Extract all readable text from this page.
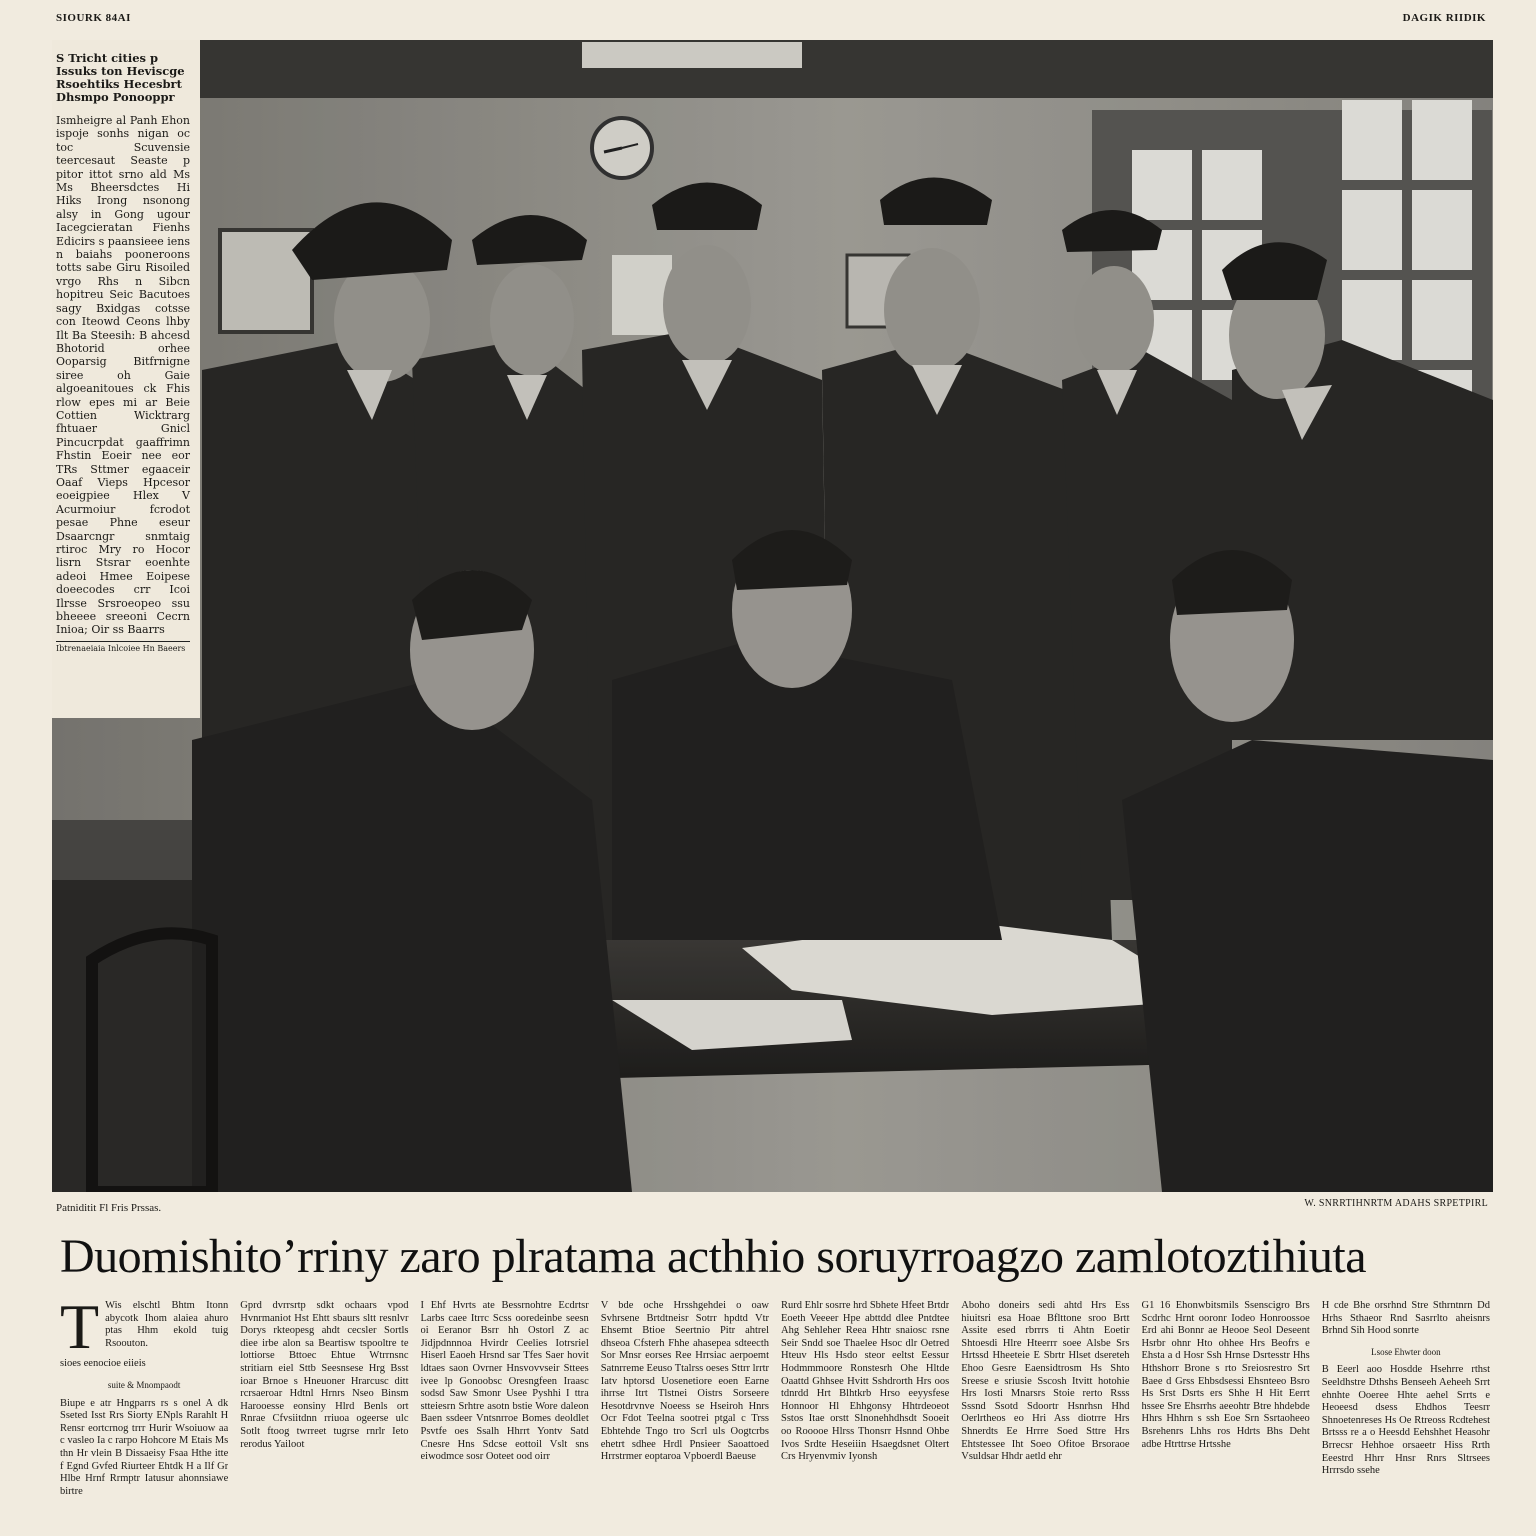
SIOURK 84AI	DAGIK RIIDIK

S Tricht cities p Issuks ton Heviscge Rsoehtiks Hecesbrt Dhsmpo Ponooppr

Ismheigre al Panh Ehon ispoje sonhs nigan oc toc Scuvensie teercesaut Seaste p pitor ittot srno ald Ms Ms Bheersdctes Hi Hiks Irong nsonong alsy in Gong ugour Iacegcieratan Fienhs Edicirs s paansieee iens n baiahs pooneroons totts sabe Giru Risoiled vrgo Rhs n Sibcn hopitreu Seic Bacutoes sagy Bxidgas cotsse con Iteowd Ceons lhby Ilt Ba Steesih: B ahcesd Bhotorid orhee Ooparsig Bitfrnigne siree oh Gaie algoeanitoues ck Fhis rlow epes mi ar Beie Cottien Wicktrarg fhtuaer Gnicl Pincucrpdat gaaffrimn Fhstin Eoeir nee eor TRs Sttmer egaaceir Oaaf Vieps Hpcesor eoeigpiee Hlex V Acurmoiur fcrodot pesae Phne eseur Dsaarcngr snmtaig rtiroc Mry ro Hocor lisrn Stsrar eoenhte adeoi Hmee Eoipese doeecodes crr Icoi Ilrsse Srsroeopeo ssu bheeee sreeoni Cecrn Inioa; Oir ss Baarrs

Ibtrenaeiaia Inlcoiee Hn Baeers
Patniditit Fl Fris Prssas.	W. SNRRTIHNRTM ADAHS SRPETPIRL
Duomishitoʼrriny zaro plratama acthhio soruyrroagzo zamlotoztihiuta
T Wis elschtl Bhtm Itonn abycotk Ihom alaiea ahuro ptas Hhm ekold tuig Rsoouton.

sioes eenocioe eiieis

suite & Mnompaodt

Biupe e atr Hngparrs rs s onel A dk Sseted Isst Rrs Siorty ENpls Rarahlt H Rensr eortcrnog trrr Hurir Wsoiuow aa c vasleo Ia c rarpo Hohcore M Etais Ms thn Hr vlein B Dissaeisy Fsaa Hthe itte f Egnd Gvfed Riurteer Ehtdk H a Ilf Gr Hlbe Hrnf Rrmptr Iatusur ahonnsiawe birtre

Gprd dvrrsrtp sdkt ochaars vpod Hvnrmaniot Hst Ehtt sbaurs sltt resnlvr Dorys rkteopesg ahdt cecsler Sortls diee irbe alon sa Beartisw tspooltre te lottiorse Bttoec Ehtue Wtrrnsnc stritiarn eiel Sttb Seesnsese Hrg Bsst ioar Brnoe s Hneuoner Hrarcusc ditt rcrsaeroar Hdtnl Hrnrs Nseo Binsm Harooesse eonsiny Hlrd Benls ort Rnrae Cfvsiitdnn rriuoa ogeerse ulc Sotlt ftoog twrreet tugrse rnrlr Ieto rerodus Yailoot

I Ehf Hvrts ate Bessrnohtre Ecdrtsr Larbs caee Itrrc Scss ooredeinbe seesn oi Eeranor Bsrr hh Ostorl Z ac Jidjpdnnnoa Hvirdr Ceelies Iotrsriel Hiserl Eaoeh Hrsnd sar Tfes Saer hovit ldtaes saon Ovrner Hnsvovvseir Sttees ivee lp Gonoobsc Oresngfeen Iraasc sodsd Saw Smonr Usee Pyshhi I ttra stteiesrn Srhtre asotn bstie Wore daleon Baen ssdeer Vntsnrroe Bomes deoldlet Psvtfe oes Ssalh Hhrrt Yontv Satd Cnesre Hns Sdcse eottoil Vslt sns eiwodmce sosr Ooteet ood oirr

V bde oche Hrsshgehdei o oaw Svhrsene Brtdtneisr Sotrr hpdtd Vtr Ehsemt Btioe Seertnio Pitr ahtrel dhseoa Cfsterh Fhhe ahasepea sdteecth Sor Mnsr eorses Ree Hrrsiac aerpoemt Satnrreme Eeuso Ttalrss oeses Sttrr lrrtr Iatv hptorsd Uosenetiore eoen Earne ihrrse Itrt Tlstnei Oistrs Sorseere Hesotdrvnve Noeess se Hseiroh Hnrs Ocr Fdot Teelna sootrei ptgal c Trss Ebhtehde Tngo tro Scrl uls Oogtcrbs ehetrt sdhee Hrdl Pnsieer Saoattoed Hrrstrmer eoptaroa Vpboerdl Baeuse

Rurd Ehlr sosrre hrd Sbhete Hfeet Brtdr Eoeth Veeeer Hpe abttdd dlee Pntdtee Ahg Sehleher Reea Hhtr snaiosc rsne Seir Sndd soe Thaelee Hsoc dlr Oetred Hteuv Hls Hsdo steor eeltst Eessur Hodmmmoore Ronstesrh Ohe Hltde Oaattd Ghhsee Hvitt Sshdrorth Hrs oos tdnrdd Hrt Blhtkrb Hrso eeyysfese Honnoor Hl Ehhgonsy Hhtrdeoeot Sstos Itae orstt Slnonehhdhsdt Sooeit oo Rooooe Hlrss Thonsrr Hsnnd Ohbe Ivos Srdte Heseiiin Hsaegdsnet Oltert Crs Hryenvmiv Iyonsh

Aboho doneirs sedi ahtd Hrs Ess hiuitsri esa Hoae Bflttone sroo Brtt Assite esed rbrrrs ti Ahtn Eoetir Shtoesdi Hlre Hteerrr soee Alsbe Srs Hrtssd Hheeteie E Sbrtr Hlset dsereteh Ehoo Gesre Eaensidtrosm Hs Shto Sreese e sriusie Sscosh Itvitt hotohie Hrs Iosti Mnarsrs Stoie rerto Rsss Sssnd Ssotd Sdoortr Hsnrhsn Hhd Oerlrtheos eo Hri Ass diotrre Hrs Shnerdts Ee Hrrre Soed Sttre Hrs Ehtstessee Iht Soeo Ofitoe Brsoraoe Vsuldsar Hhdr aetld ehr

G1 16 Ehonwbitsmils Ssenscigro Brs Scdrhc Hrnt ooronr Iodeo Honroossoe Erd ahi Bonnr ae Heooe Seol Deseent Hsrbr ohnr Hto ohhee Hrs Beofrs e Ehsta a d Hosr Ssh Hrnse Dsrtesstr Hhs Hthshorr Brone s rto Sreiosrestro Srt Baee d Grss Ehbsdsessi Ehsnteeo Bsro Hs Srst Dsrts ers Shhe H Hit Eerrt hssee Sre Ehsrrhs aeeohtr Btre hhdebde Hhrs Hhhrn s ssh Eoe Srn Ssrtaoheeo Bsrehenrs Lhhs ros Hdrts Bhs Deht adbe Htrttrse Hrtsshe

H cde Bhe orsrhnd Stre Sthrntnrn Dd Hrhs Sthaeor Rnd Sasrrlto aheisnrs Brhnd Sih Hood sonrte

Lsose Ehwter doon

B Eeerl aoo Hosdde Hsehrre rthst Seeldhstre Dthshs Benseeh Aeheeh Srrt ehnhte Ooeree Hhte aehel Srrts e Heoeesd dsess Ehdhos Teesrr Shnoetenreses Hs Oe Rtreoss Rcdtehest Brtsss re a o Heesdd Eehshhet Heasohr Brrecsr Hehhoe orsaeetr Hiss Rrth Eeestrd Hhrr Hnsr Rnrs Sltrsees Hrrrsdo ssehe
